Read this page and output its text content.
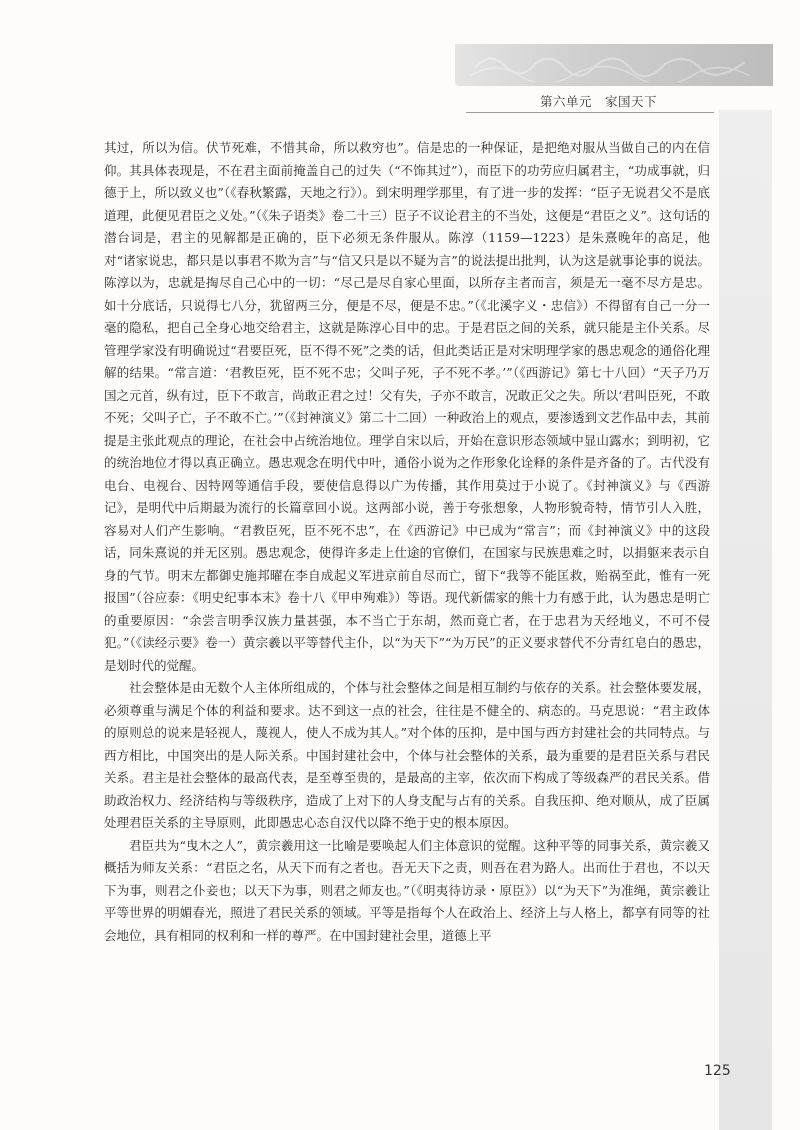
第六单元　家国天下

其过，所以为信。伏节死难，不惜其命，所以救穷也”。信是忠的一种保证，是把绝对服从当做自己的内在信仰。其具体表现是，不在君主面前掩盖自己的过失（“不饰其过”），而臣下的功劳应归属君主，“功成事就，归德于上，所以致义也”（《春秋繁露，天地之行》）。到宋明理学那里，有了进一步的发挥：“臣子无说君父不是底道理，此便见君臣之义处。”（《朱子语类》卷二十三）臣子不议论君主的不当处，这便是“君臣之义”。这句话的潜台词是，君主的见解都是正确的，臣下必须无条件服从。陈淳（1159—1223）是朱熹晚年的高足，他对“诸家说忠，都只是以事君不欺为言”与“信又只是以不疑为言”的说法提出批判，认为这是就事论事的说法。陈淳以为，忠就是掏尽自己心中的一切：“尽己是尽自家心里面，以所存主者而言，须是无一毫不尽方是忠。如十分底话，只说得七八分，犹留两三分，便是不尽，便是不忠。”（《北溪字义・忠信》）不得留有自己一分一毫的隐私，把自己全身心地交给君主，这就是陈淳心目中的忠。于是君臣之间的关系，就只能是主仆关系。尽管理学家没有明确说过“君要臣死，臣不得不死”之类的话，但此类话正是对宋明理学家的愚忠观念的通俗化理解的结果。“常言道：‘君教臣死，臣不死不忠；父叫子死，子不死不孝。’”（《西游记》第七十八回）“天子乃万国之元首，纵有过，臣下不敢言，尚敢正君之过！父有失，子亦不敢言，况敢正父之失。所以‘君叫臣死，不敢不死；父叫子亡，子不敢不亡。’”（《封神演义》第二十二回）一种政治上的观点，要渗透到文艺作品中去，其前提是主张此观点的理论，在社会中占统治地位。理学自宋以后，开始在意识形态领域中显山露水；到明初，它的统治地位才得以真正确立。愚忠观念在明代中叶，通俗小说为之作形象化诠释的条件是齐备的了。古代没有电台、电视台、因特网等通信手段，要使信息得以广为传播，其作用莫过于小说了。《封神演义》与《西游记》，是明代中后期最为流行的长篇章回小说。这两部小说，善于夸张想象，人物形貌奇特，情节引人入胜，容易对人们产生影响。“君教臣死，臣不死不忠”，在《西游记》中已成为“常言”；而《封神演义》中的这段话，同朱熹说的并无区别。愚忠观念，使得许多走上仕途的官僚们，在国家与民族患难之时，以捐躯来表示自身的气节。明末左都御史施邦曜在李自成起义军进京前自尽而亡，留下“我等不能匡救，贻祸至此，惟有一死报国”（谷应泰：《明史纪事本末》卷十八《甲申殉难》）等语。现代新儒家的熊十力有感于此，认为愚忠是明亡的重要原因：“余尝言明季汉族力量甚强，本不当亡于东胡，然而竟亡者，在于忠君为天经地义，不可不侵犯。”（《读经示要》卷一）黄宗羲以平等替代主仆，以“为天下”“为万民”的正义要求替代不分青红皂白的愚忠，是划时代的觉醒。

社会整体是由无数个人主体所组成的，个体与社会整体之间是相互制约与依存的关系。社会整体要发展，必须尊重与满足个体的利益和要求。达不到这一点的社会，往往是不健全的、病态的。马克思说：“君主政体的原则总的说来是轻视人，蔑视人，使人不成为其人。”对个体的压抑，是中国与西方封建社会的共同特点。与西方相比，中国突出的是人际关系。中国封建社会中，个体与社会整体的关系，最为重要的是君臣关系与君民关系。君主是社会整体的最高代表，是至尊至贵的，是最高的主宰，依次而下构成了等级森严的君民关系。借助政治权力、经济结构与等级秩序，造成了上对下的人身支配与占有的关系。自我压抑、绝对顺从，成了臣属处理君臣关系的主导原则，此即愚忠心态自汉代以降不绝于史的根本原因。

君臣共为“曳木之人”，黄宗羲用这一比喻是要唤起人们主体意识的觉醒。这种平等的同事关系，黄宗羲又概括为师友关系：“君臣之名，从天下而有之者也。吾无天下之责，则吾在君为路人。出而仕于君也，不以天下为事，则君之仆妾也；以天下为事，则君之师友也。”（《明夷待访录・原臣》）以“为天下”为准绳，黄宗羲让平等世界的明媚春光，照进了君民关系的领域。平等是指每个人在政治上、经济上与人格上，都享有同等的社会地位，具有相同的权利和一样的尊严。在中国封建社会里，道德上平

125
